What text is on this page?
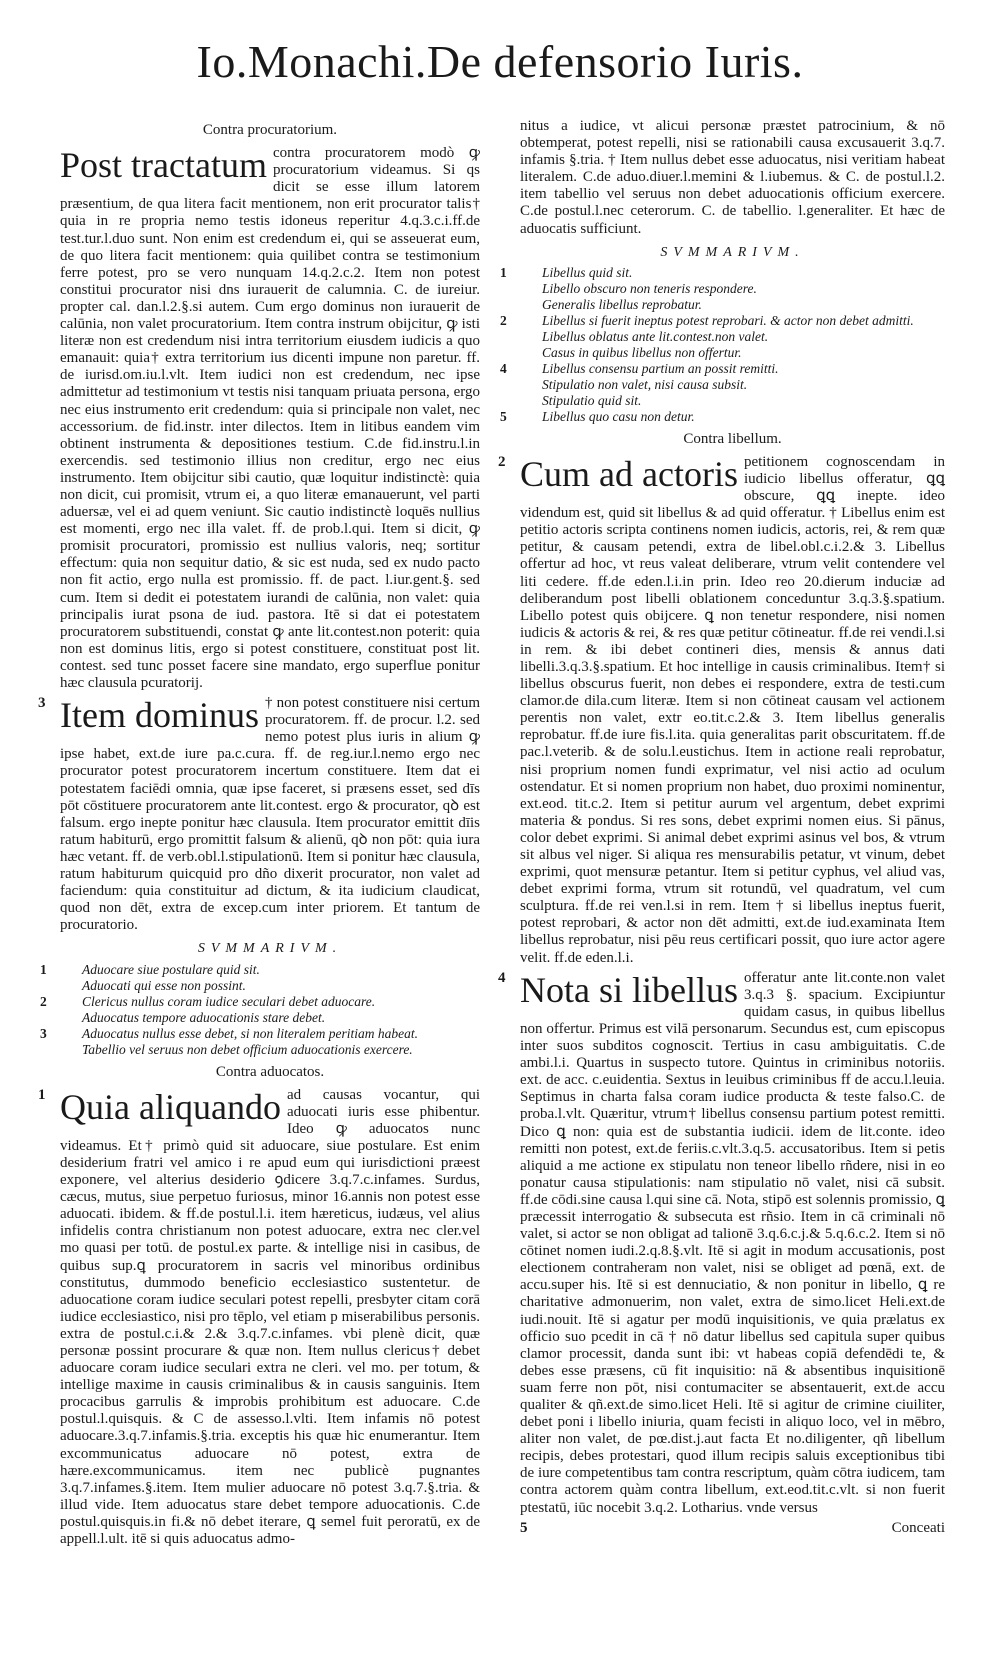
Io.Monachi.De defensorio Iuris.
Contra procuratorium.

Post tractatum contra procuratorem modò ꝙ procuratorium videamus. Si qs dicit se esse illum latorem præsentium, de qua litera facit mentionem, non erit procurator talis† quia in re propria nemo testis idoneus reperitur 4.q.3.c.i.ff.de test.tur.l.duo sunt. Non enim est credendum ei, qui se asseuerat eum, de quo litera facit mentionem: quia quilibet contra se testimonium ferre potest, pro se vero nunquam 14.q.2.c.2. Item non potest constitui procurator nisi dns iurauerit de calumnia. C. de iureiur. propter cal. dan.l.2.§.si autem. Cum ergo dominus non iurauerit de calūnia, non valet procuratorium. Item contra instrum obijcitur, ꝙ isti literæ non est credendum nisi intra territorium eiusdem iudicis a quo emanauit: quia† extra territorium ius dicenti impune non paretur. ff. de iurisd.om.iu.l.vlt. Item iudici non est credendum, nec ipse admittetur ad testimonium vt testis nisi tanquam priuata persona, ergo nec eius instrumento erit credendum: quia si principale non valet, nec accessorium. de fid.instr. inter dilectos. Item in litibus eandem vim obtinent instrumenta & depositiones testium. C.de fid.instru.l.in exercendis. sed testimonio illius non creditur, ergo nec eius instrumento. Item obijcitur sibi cautio, quæ loquitur indistinctè: quia non dicit, cui promisit, vtrum ei, a quo literæ emanauerunt, vel parti aduersæ, vel ei ad quem veniunt. Sic cautio indistinctè loquēs nullius est momenti, ergo nec illa valet. ff. de prob.l.qui. Item si dicit, ꝙ promisit procuratori, promissio est nullius valoris, neq; sortitur effectum: quia non sequitur datio, & sic est nuda, sed ex nudo pacto non fit actio, ergo nulla est promissio. ff. de pact. l.iur.gent.§. sed cum. Item si dedit ei potestatem iurandi de calūnia, non valet: quia principalis iurat psona de iud. pastora. Itē si dat ei potestatem procuratorem substituendi, constat ꝙ ante lit.contest.non poterit: quia non est dominus litis, ergo si potest constituere, constituat post lit. contest. sed tunc posset facere sine mandato, ergo superflue ponitur hæc clausula pcuratorij.

3 Item dominus † non potest constituere nisi certum procuratorem. ff. de procur. l.2. sed nemo potest plus iuris in alium ꝙ ipse habet, ext.de iure pa.c.cura. ff. de reg.iur.l.nemo ergo nec procurator potest procuratorem incertum constituere. Item dat ei potestatem faciēdi omnia, quæ ipse faceret, si præsens esset, sed dīs pōt cōstituere procuratorem ante lit.contest. ergo & procurator, qꝺ est falsum. ergo inepte ponitur hæc clausula. Item procurator emittit dīis ratum habiturū, ergo promittit falsum & alienū, qꝺ non pōt: quia iura hæc vetant. ff. de verb.obl.l.stipulationū. Item si ponitur hæc clausula, ratum habiturum quicquid pro dño dixerit procurator, non valet ad faciendum: quia constituitur ad dictum, & ita iudicium claudicat, quod non dēt, extra de excep.cum inter priorem. Et tantum de procuratorio.

SVMMARIVM.
1	Aduocare siue postulare quid sit.
Aduocati qui esse non possint.
2	Clericus nullus coram iudice seculari debet aduocare.
Aduocatus tempore aduocationis stare debet.
3	Aduocatus nullus esse debet, si non literalem peritiam habeat.
Tabellio vel seruus non debet officium aduocationis exercere.
Contra aduocatos.

1 Quia aliquando ad causas vocantur, qui aduocati iuris esse phibentur. Ideo ꝙ aduocatos nunc videamus. Et† primò quid sit aduocare, siue postulare. Est enim desiderium fratri vel amico i re apud eum qui iurisdictioni præest exponere, vel alterius desiderio ꝯdicere 3.q.7.c.infames. Surdus, cæcus, mutus, siue perpetuo furiosus, minor 16.annis non potest esse aduocati. ibidem. & ff.de postul.l.i. item hæreticus, iudæus, vel alius infidelis contra christianum non potest aduocare, extra nec cler.vel mo quasi per totū. de postul.ex parte. & intellige nisi in casibus, de quibus sup.ꝗ procuratorem in sacris vel minoribus ordinibus constitutus, dummodo beneficio ecclesiastico sustentetur. de aduocatione coram iudice seculari potest repelli, presbyter citam corā iudice ecclesiastico, nisi pro tēplo, vel etiam p miserabilibus personis. extra de postul.c.i.& 2.& 3.q.7.c.infames. vbi plenè dicit, quæ personæ possint procurare & quæ non. Item nullus clericus† debet aduocare coram iudice seculari extra ne cleri. vel mo. per totum, & intellige maxime in causis criminalibus & in causis sanguinis. Item procacibus garrulis & improbis prohibitum est aduocare. C.de postul.l.quisquis. & C de assesso.l.vlti. Item infamis nō potest aduocare.3.q.7.infamis.§.tria. exceptis his quæ hic enumerantur. Item excommunicatus aduocare nō potest, extra de hære.excommunicamus. item nec publicè pugnantes 3.q.7.infames.§.item. Item mulier aduocare nō potest 3.q.7.§.tria. & illud vide. Item aduocatus stare debet tempore aduocationis. C.de postul.quisquis.in fi.& nō debet iterare, ꝗ semel fuit peroratū, ex de appell.l.ult. itē si quis aduocatus admo-

nitus a iudice, vt alicui personæ præstet patrocinium, & nō obtemperat, potest repelli, nisi se rationabili causa excusauerit 3.q.7. infamis §.tria. † Item nullus debet esse aduocatus, nisi veritiam habeat literalem. C.de aduo.diuer.l.memini & l.iubemus. & C. de postul.l.2. item tabellio vel seruus non debet aduocationis officium exercere. C.de postul.l.nec ceterorum. C. de tabellio. l.generaliter. Et hæc de aduocatis sufficiunt.

SVMMARIVM.
1	Libellus quid sit.
Libello obscuro non teneris respondere.
Generalis libellus reprobatur.
2	Libellus si fuerit ineptus potest reprobari. & actor non debet admitti.
Libellus oblatus ante lit.contest.non valet.
Casus in quibus libellus non offertur.
4	Libellus consensu partium an possit remitti.
Stipulatio non valet, nisi causa subsit.
Stipulatio quid sit.
5	Libellus quo casu non detur.
Contra libellum.

2 Cum ad actoris petitionem cognoscendam in iudicio libellus offeratur, ꝗꝗ obscure, ꝗꝗ inepte. ideo videndum est, quid sit libellus & ad quid offeratur. † Libellus enim est petitio actoris scripta continens nomen iudicis, actoris, rei, & rem quæ petitur, & causam petendi, extra de libel.obl.c.i.2.& 3. Libellus offertur ad hoc, vt reus valeat deliberare, vtrum velit contendere vel liti cedere. ff.de eden.l.i.in prin. Ideo reo 20.dierum induciæ ad deliberandum post libelli oblationem conceduntur 3.q.3.§.spatium. Libello potest quis obijcere. ꝗ non tenetur respondere, nisi nomen iudicis & actoris & rei, & res quæ petitur cōtineatur. ff.de rei vendi.l.si in rem. & ibi debet contineri dies, mensis & annus dati libelli.3.q.3.§.spatium. Et hoc intellige in causis criminalibus. Item† si libellus obscurus fuerit, non debes ei respondere, extra de testi.cum clamor.de dila.cum literæ. Item si non cōtineat causam vel actionem perentis non valet, extr eo.tit.c.2.& 3. Item libellus generalis reprobatur. ff.de iure fis.l.ita. quia generalitas parit obscuritatem. ff.de pac.l.veterib. & de solu.l.eustichus. Item in actione reali reprobatur, nisi proprium nomen fundi exprimatur, vel nisi actio ad oculum ostendatur. Et si nomen proprium non habet, duo proximi nominentur, ext.eod. tit.c.2. Item si petitur aurum vel argentum, debet exprimi materia & pondus. Si res sons, debet exprimi nomen eius. Si pānus, color debet exprimi. Si animal debet exprimi asinus vel bos, & vtrum sit albus vel niger. Si aliqua res mensurabilis petatur, vt vinum, debet exprimi, quot mensuræ petantur. Item si petitur cyphus, vel aliud vas, debet exprimi forma, vtrum sit rotundū, vel quadratum, vel cum sculptura. ff.de rei ven.l.si in rem. Item † si libellus ineptus fuerit, potest reprobari, & actor non dēt admitti, ext.de iud.examinata Item libellus reprobatur, nisi pēu reus certificari possit, quo iure actor agere velit. ff.de eden.l.i.

4 Nota si libellus offeratur ante lit.conte.non valet 3.q.3 §. spacium. Excipiuntur quidam casus, in quibus libellus non offertur. Primus est vilā personarum. Secundus est, cum episcopus inter suos subditos cognoscit. Tertius in casu ambiguitatis. C.de ambi.l.i. Quartus in suspecto tutore. Quintus in criminibus notoriis. ext. de acc. c.euidentia. Sextus in leuibus criminibus ff de accu.l.leuia. Septimus in charta falsa coram iudice producta & teste falso.C. de proba.l.vlt. Quæritur, vtrum† libellus consensu partium potest remitti. Dico ꝗ non: quia est de substantia iudicii. idem de lit.conte. ideo remitti non potest, ext.de feriis.c.vlt.3.q.5. accusatoribus. Item si petis aliquid a me actione ex stipulatu non teneor libello rñdere, nisi in eo ponatur causa stipulationis: nam stipulatio nō valet, nisi cā subsit. ff.de cōdi.sine causa l.qui sine cā. Nota, stipō est solennis promissio, ꝗ præcessit interrogatio & subsecuta est rñsio. Item in cā criminali nō valet, si actor se non obligat ad talionē 3.q.6.c.j.& 5.q.6.c.2. Item si nō cōtinet nomen iudi.2.q.8.§.vlt. Itē si agit in modum accusationis, post electionem contraheram non valet, nisi se obliget ad pœnā, ext. de accu.super his. Itē si est dennuciatio, & non ponitur in libello, ꝗ re charitative admonuerim, non valet, extra de simo.licet Heli.ext.de iudi.nouit. Itē si agatur per modū inquisitionis, ve quia prælatus ex officio suo pcedit in cā † nō datur libellus sed capitula super quibus clamor processit, danda sunt ibi: vt habeas copiā defendēdi te, & debes esse præsens, cū fit inquisitio: nā & absentibus inquisitionē suam ferre non pōt, nisi contumaciter se absentauerit, ext.de accu qualiter & qñ.ext.de simo.licet Heli. Itē si agitur de crimine ciuiliter, debet poni i libello iniuria, quam fecisti in aliquo loco, vel in mēbro, aliter non valet, de pœ.dist.j.aut facta Et no.diligenter, qñ libellum recipis, debes protestari, quod illum recipis saluis exceptionibus tibi de iure competentibus tam contra rescriptum, quàm cōtra iudicem, tam contra actorem quàm contra libellum, ext.eod.tit.c.vlt. si non fuerit ptestatū, iūc nocebit 3.q.2. Lotharius. vnde versus

5	Conceati
